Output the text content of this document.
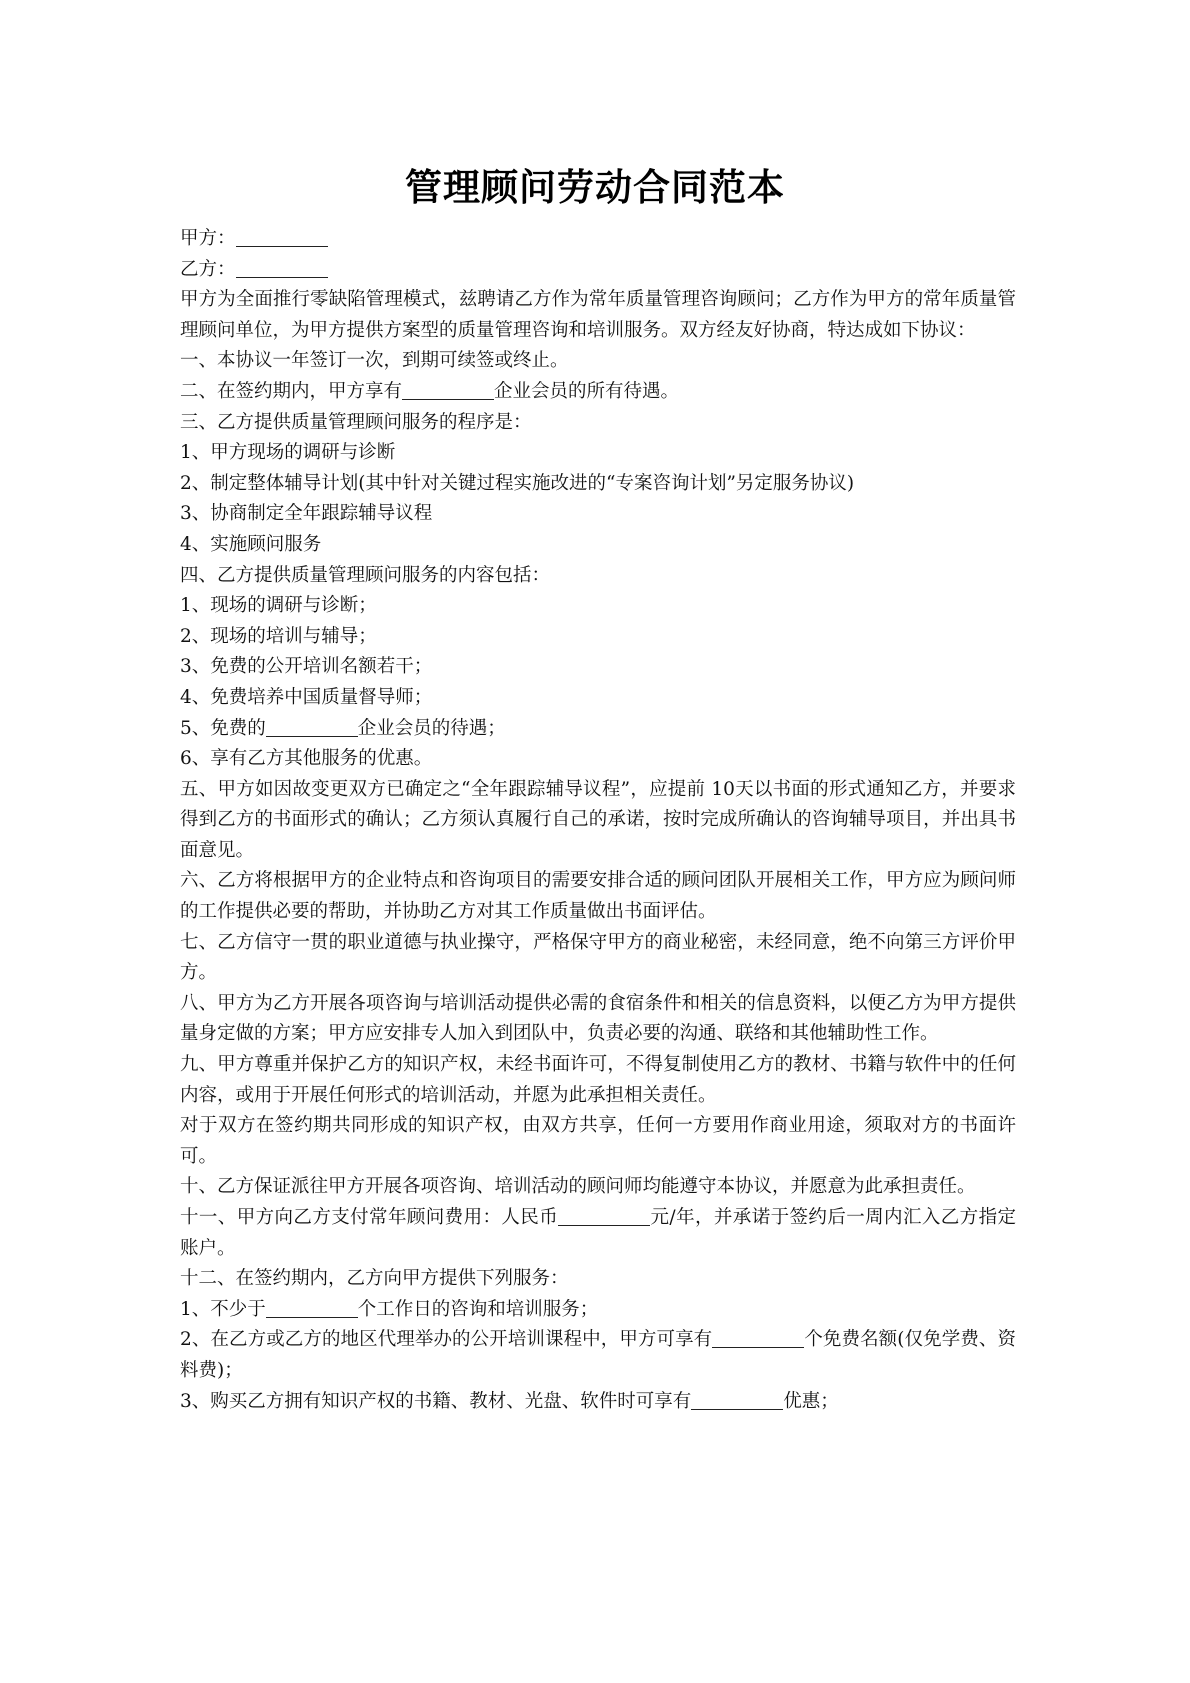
管理顾问劳动合同范本

甲方：

乙方：

甲方为全面推行零缺陷管理模式，兹聘请乙方作为常年质量管理咨询顾问；乙方作为甲方的常年质量管理顾问单位，为甲方提供方案型的质量管理咨询和培训服务。双方经友好协商，特达成如下协议：

一、本协议一年签订一次，到期可续签或终止。

二、在签约期内，甲方享有	企业会员的所有待遇。

三、乙方提供质量管理顾问服务的程序是：

1、甲方现场的调研与诊断

2、制定整体辅导计划(其中针对关键过程实施改进的“专案咨询计划”另定服务协议)

3、协商制定全年跟踪辅导议程

4、实施顾问服务

四、乙方提供质量管理顾问服务的内容包括：

1、现场的调研与诊断；

2、现场的培训与辅导；

3、免费的公开培训名额若干；

4、免费培养中国质量督导师；

5、免费的	企业会员的待遇；

6、享有乙方其他服务的优惠。

五、甲方如因故变更双方已确定之“全年跟踪辅导议程”，应提前 10天以书面的形式通知乙方，并要求得到乙方的书面形式的确认；乙方须认真履行自己的承诺，按时完成所确认的咨询辅导项目，并出具书面意见。

六、乙方将根据甲方的企业特点和咨询项目的需要安排合适的顾问团队开展相关工作，甲方应为顾问师的工作提供必要的帮助，并协助乙方对其工作质量做出书面评估。

七、乙方信守一贯的职业道德与执业操守，严格保守甲方的商业秘密，未经同意，绝不向第三方评价甲方。

八、甲方为乙方开展各项咨询与培训活动提供必需的食宿条件和相关的信息资料，以便乙方为甲方提供量身定做的方案；甲方应安排专人加入到团队中，负责必要的沟通、联络和其他辅助性工作。

九、甲方尊重并保护乙方的知识产权，未经书面许可，不得复制使用乙方的教材、书籍与软件中的任何内容，或用于开展任何形式的培训活动，并愿为此承担相关责任。

对于双方在签约期共同形成的知识产权，由双方共享，任何一方要用作商业用途，须取对方的书面许可。

十、乙方保证派往甲方开展各项咨询、培训活动的顾问师均能遵守本协议，并愿意为此承担责任。

十一、甲方向乙方支付常年顾问费用：人民币	元/年，并承诺于签约后一周内汇入乙方指定账户。

十二、在签约期内，乙方向甲方提供下列服务：

1、不少于	个工作日的咨询和培训服务；

2、在乙方或乙方的地区代理举办的公开培训课程中，甲方可享有	个免费名额(仅免学费、资料费)；

3、购买乙方拥有知识产权的书籍、教材、光盘、软件时可享有	优惠；
